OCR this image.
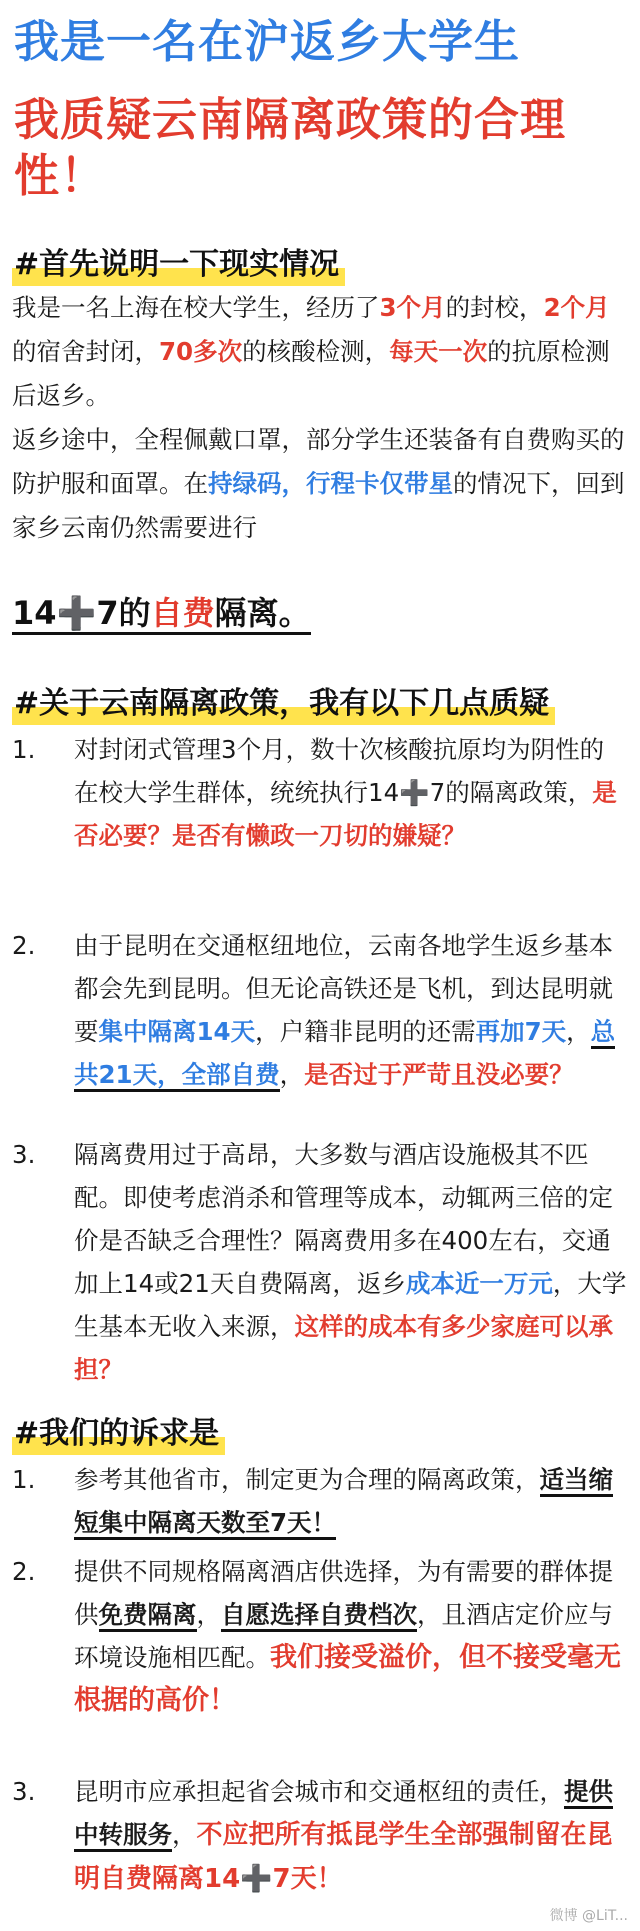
我是一名在沪返乡大学生
我质疑云南隔离政策的合理性！
#首先说明一下现实情况
我是一名上海在校大学生，经历了3个月的封校，2个月的宿舍封闭，70多次的核酸检测，每天一次的抗原检测后返乡。
返乡途中，全程佩戴口罩，部分学生还装备有自费购买的防护服和面罩。在持绿码，行程卡仅带星的情况下，回到家乡云南仍然需要进行
14➕7的自费隔离。
#关于云南隔离政策，我有以下几点质疑
1.	对封闭式管理3个月，数十次核酸抗原均为阴性的在校大学生群体，统统执行14➕7的隔离政策，是否必要？是否有懒政一刀切的嫌疑？
2.	由于昆明在交通枢纽地位，云南各地学生返乡基本都会先到昆明。但无论高铁还是飞机，到达昆明就要集中隔离14天，户籍非昆明的还需再加7天，总共21天，全部自费，是否过于严苛且没必要？
3.	隔离费用过于高昂，大多数与酒店设施极其不匹配。即使考虑消杀和管理等成本，动辄两三倍的定价是否缺乏合理性？隔离费用多在400左右，交通加上14或21天自费隔离，返乡成本近一万元，大学生基本无收入来源，这样的成本有多少家庭可以承担？
#我们的诉求是
1.	参考其他省市，制定更为合理的隔离政策，适当缩短集中隔离天数至7天！
2.	提供不同规格隔离酒店供选择，为有需要的群体提供免费隔离，自愿选择自费档次，且酒店定价应与环境设施相匹配。我们接受溢价，但不接受毫无根据的高价！
3.	昆明市应承担起省会城市和交通枢纽的责任，提供中转服务，不应把所有抵昆学生全部强制留在昆明自费隔离14➕7天！
微博 @LiT...
